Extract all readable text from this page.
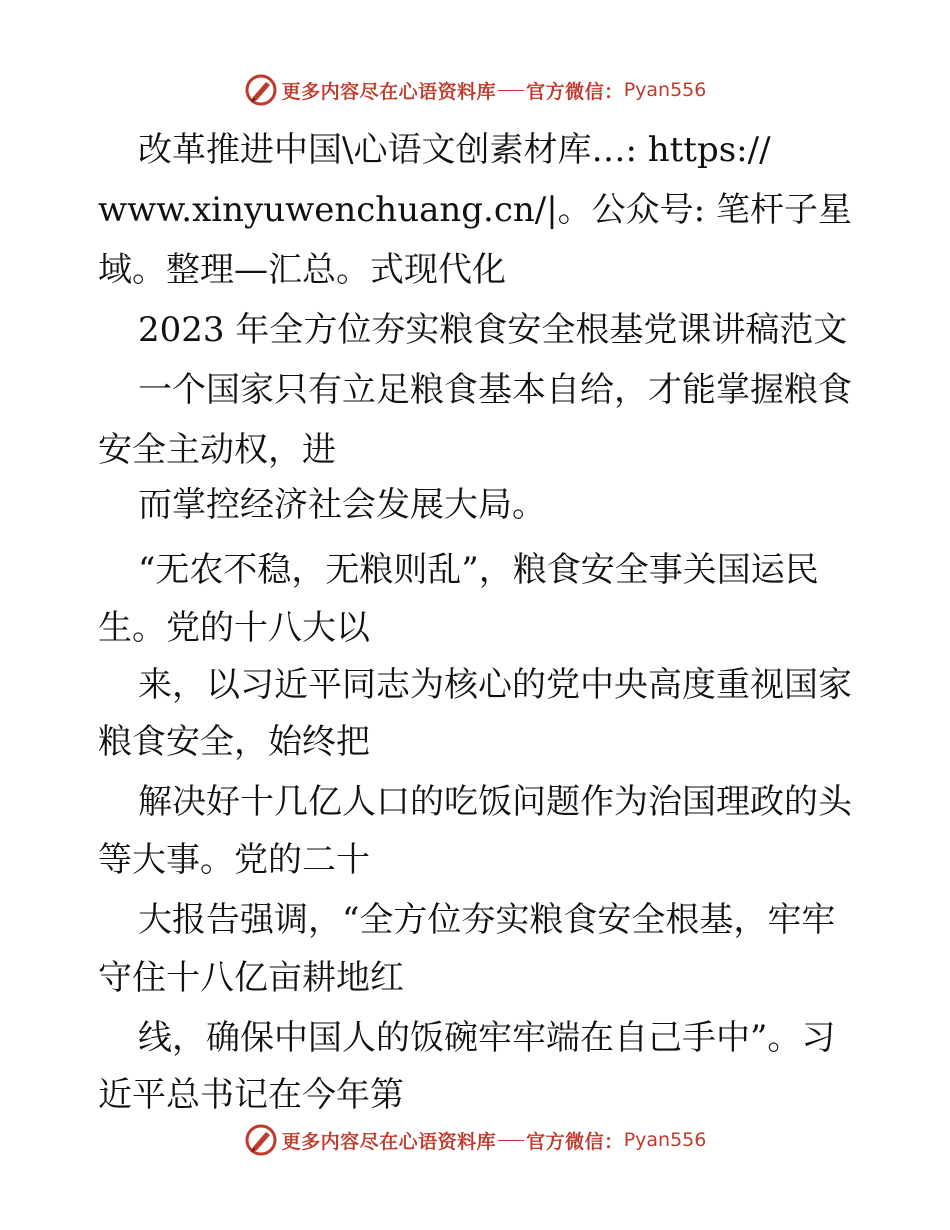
更多内容尽在心语资料库 官方微信： Pyan556
改革推进中国\心语文创素材库…: https://
www.xinyuwenchuang.cn/|。公众号: 笔杆子星
域。整理—汇总。式现代化
2023 年全方位夯实粮食安全根基党课讲稿范文
一个国家只有立足粮食基本自给，才能掌握粮食
安全主动权，进
而掌控经济社会发展大局。
“无农不稳，无粮则乱”，粮食安全事关国运民
生。党的十八大以
来，以习近平同志为核心的党中央高度重视国家
粮食安全，始终把
解决好十几亿人口的吃饭问题作为治国理政的头
等大事。党的二十
大报告强调，“全方位夯实粮食安全根基，牢牢
守住十八亿亩耕地红
线，确保中国人的饭碗牢牢端在自己手中”。习
近平总书记在今年第
更多内容尽在心语资料库 官方微信： Pyan556
